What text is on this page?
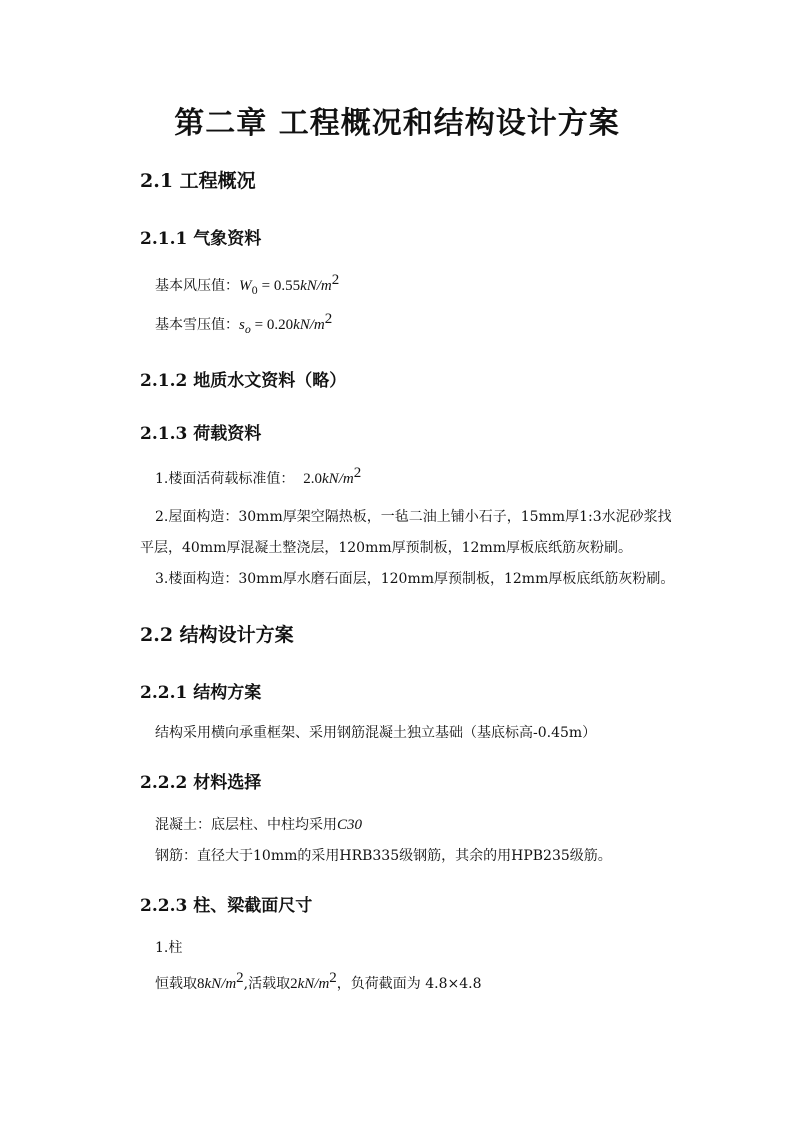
第二章 工程概况和结构设计方案
2.1 工程概况
2.1.1 气象资料
基本风压值：$W_0 = 0.55kN/m^2$
基本雪压值：$s_o = 0.20kN/m^2$
2.1.2 地质水文资料（略）
2.1.3 荷载资料
1.楼面活荷载标准值： $2.0kN/m^2$
2.屋面构造：30mm厚架空隔热板，一毡二油上铺小石子，15mm厚1:3水泥砂浆找
平层，40mm厚混凝土整浇层，120mm厚预制板，12mm厚板底纸筋灰粉刷。
3.楼面构造：30mm厚水磨石面层，120mm厚预制板，12mm厚板底纸筋灰粉刷。
2.2 结构设计方案
2.2.1 结构方案
结构采用横向承重框架、采用钢筋混凝土独立基础（基底标高-0.45m）
2.2.2 材料选择
混凝土：底层柱、中柱均采用C30
钢筋：直径大于10mm的采用HRB335级钢筋，其余的用HPB235级筋。
2.2.3 柱、梁截面尺寸
1.柱
恒载取$8kN/m^2$,活载取$2kN/m^2$，负荷截面为 4.8×4.8
